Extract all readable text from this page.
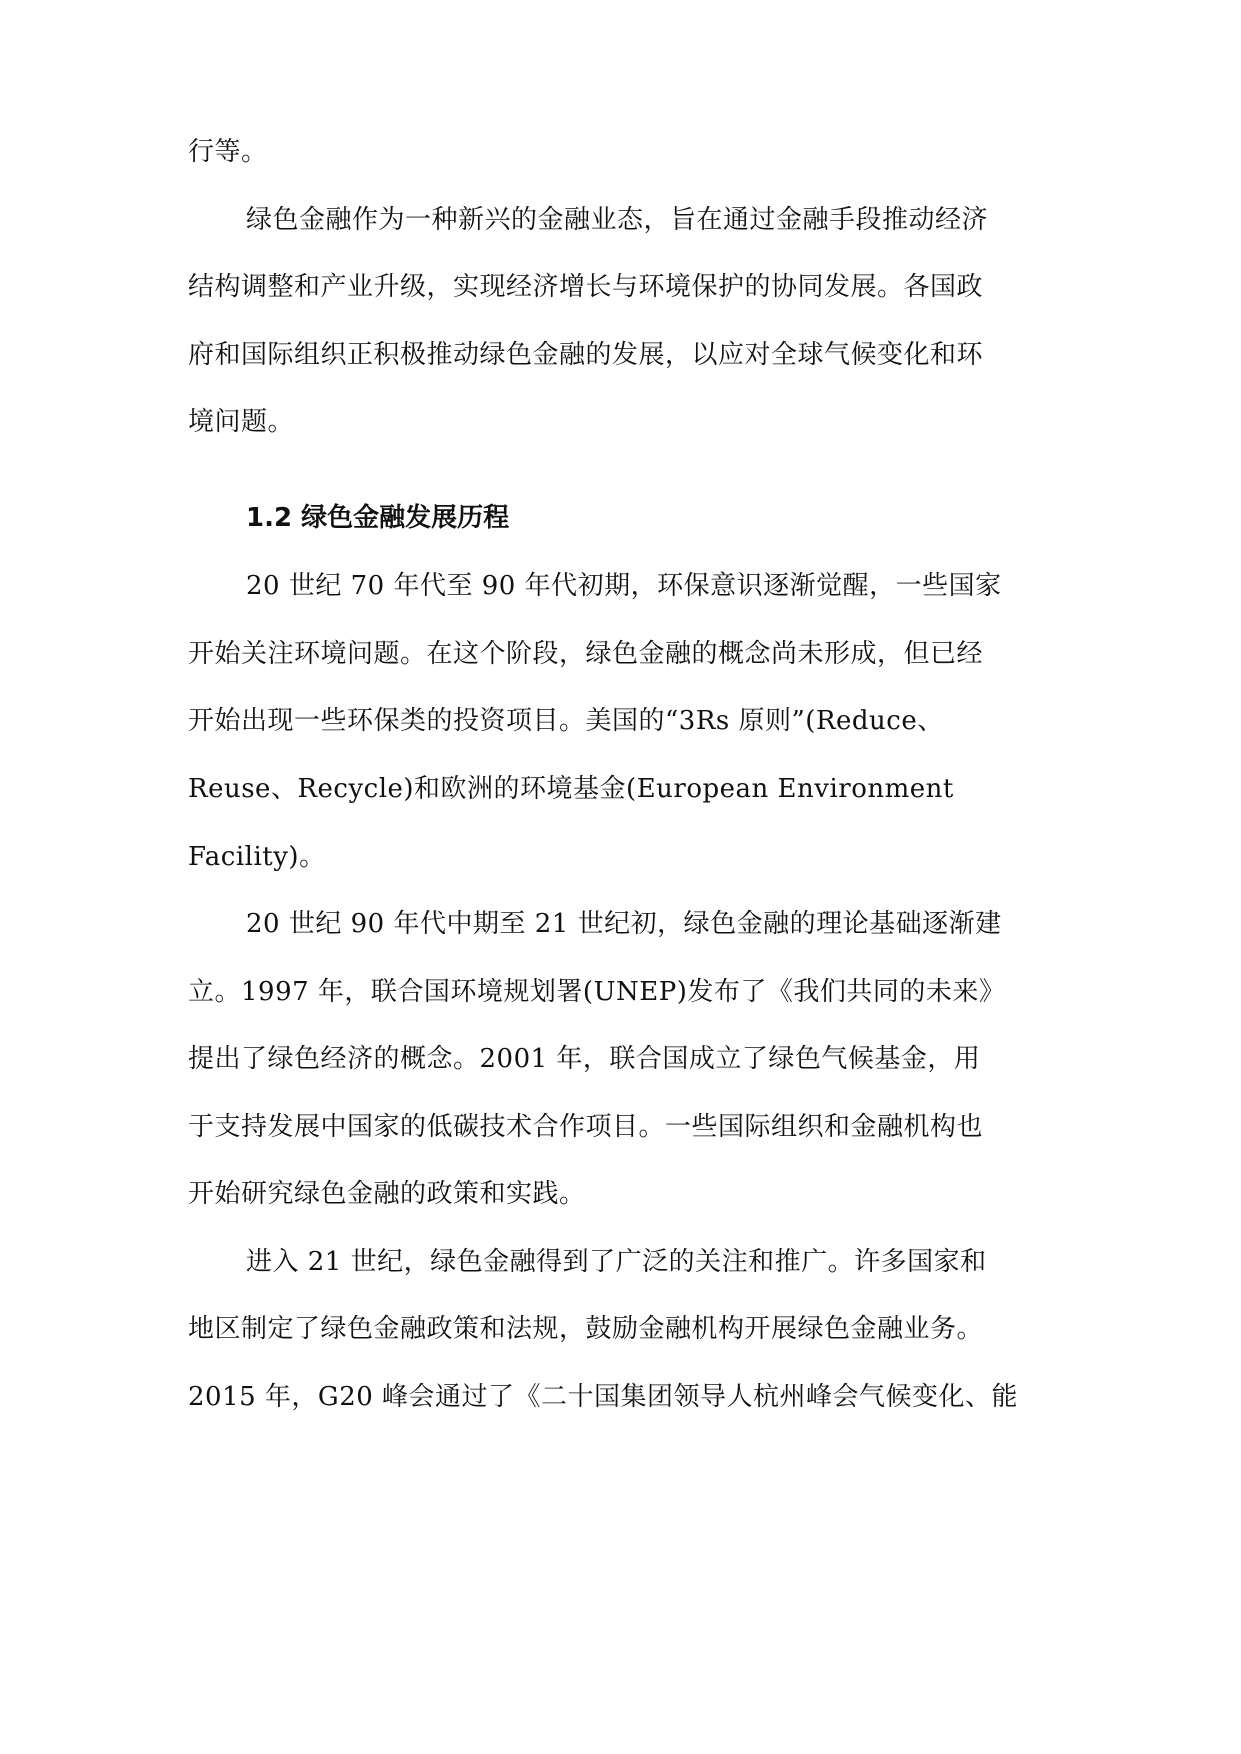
行等。
绿色金融作为一种新兴的金融业态，旨在通过金融手段推动经济
结构调整和产业升级，实现经济增长与环境保护的协同发展。各国政
府和国际组织正积极推动绿色金融的发展，以应对全球气候变化和环
境问题。
1.2 绿色金融发展历程
20 世纪 70 年代至 90 年代初期，环保意识逐渐觉醒，一些国家
开始关注环境问题。在这个阶段，绿色金融的概念尚未形成，但已经
开始出现一些环保类的投资项目。美国的“3Rs 原则”(Reduce、
Reuse、Recycle)和欧洲的环境基金(European Environment
Facility)。
20 世纪 90 年代中期至 21 世纪初，绿色金融的理论基础逐渐建
立。1997 年，联合国环境规划署(UNEP)发布了《我们共同的未来》
提出了绿色经济的概念。2001 年，联合国成立了绿色气候基金，用
于支持发展中国家的低碳技术合作项目。一些国际组织和金融机构也
开始研究绿色金融的政策和实践。
进入 21 世纪，绿色金融得到了广泛的关注和推广。许多国家和
地区制定了绿色金融政策和法规，鼓励金融机构开展绿色金融业务。
2015 年，G20 峰会通过了《二十国集团领导人杭州峰会气候变化、能
